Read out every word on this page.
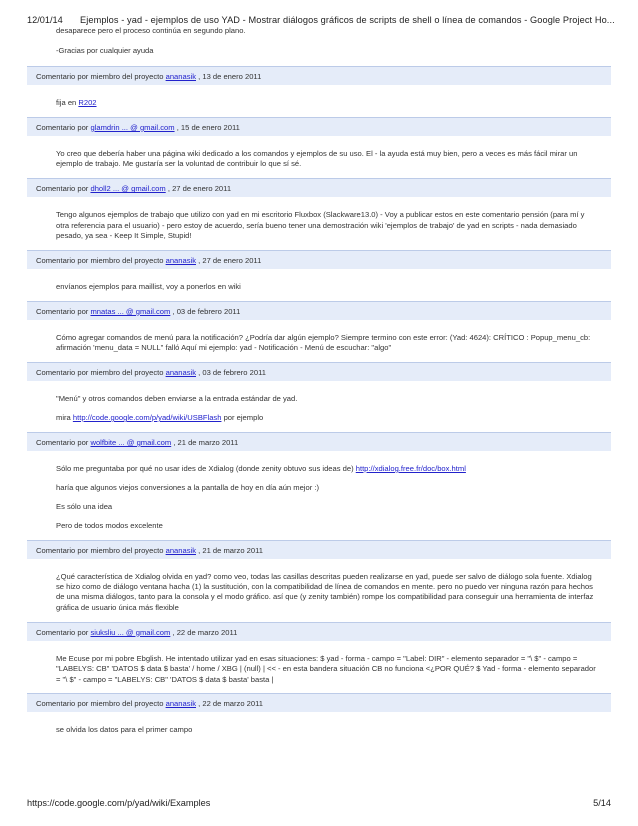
12/01/14 Ejemplos - yad - ejemplos de uso YAD - Mostrar diálogos gráficos de scripts de shell o línea de comandos - Google Project Ho...

desaparece pero el proceso continúa en segundo plano.

-Gracias por cualquier ayuda

Comentario por miembro del proyecto ananasik , 13 de enero 2011

fija en R202

Comentario por glamdrin ... @ gmail.com , 15 de enero 2011

Yo creo que debería haber una página wiki dedicado a los comandos y ejemplos de su uso. El - la ayuda está muy bien, pero a veces es más fácil mirar un ejemplo de trabajo. Me gustaría ser la voluntad de contribuir lo que sí sé.

Comentario por dholl2 ... @ gmail.com , 27 de enero 2011

Tengo algunos ejemplos de trabajo que utilizo con yad en mi escritorio Fluxbox (Slackware13.0) - Voy a publicar estos en este comentario pensión (para mí y otra referencia para el usuario) - pero estoy de acuerdo, sería bueno tener una demostración wiki 'ejemplos de trabajo' de yad en scripts - nada demasiado pesado, ya sea - Keep It Simple, Stupid!

Comentario por miembro del proyecto ananasik , 27 de enero 2011

envíanos ejemplos para maillist, voy a ponerlos en wiki

Comentario por mnatas ... @ gmail.com , 03 de febrero 2011

Cómo agregar comandos de menú para la notificación? ¿Podría dar algún ejemplo? Siempre termino con este error: (Yad: 4624): CRÍTICO : Popup_menu_cb: afirmación 'menu_data = NULL" falló Aquí mi ejemplo: yad - Notificación - Menú de escuchar: "algo"

Comentario por miembro del proyecto ananasik , 03 de febrero 2011

"Menú" y otros comandos deben enviarse a la entrada estándar de yad.

mira http://code.google.com/p/yad/wiki/USBFlash por ejemplo

Comentario por wolfbite ... @ gmail.com , 21 de marzo 2011

Sólo me preguntaba por qué no usar ides de Xdialog (donde zenity obtuvo sus ideas de) http://xdialog.free.fr/doc/box.html

haría que algunos viejos conversiones a la pantalla de hoy en día aún mejor :)

Es sólo una idea

Pero de todos modos excelente

Comentario por miembro del proyecto ananasik , 21 de marzo 2011

¿Qué característica de Xdialog olvida en yad? como veo, todas las casillas descritas pueden realizarse en yad, puede ser salvo de diálogo sola fuente. Xdialog se hizo como de diálogo ventana hacha (1) la sustitución, con la compatibilidad de línea de comandos en mente. pero no puedo ver ninguna razón para hechos de una misma diálogos, tanto para la consola y el modo gráfico. así que (y zenity también) rompe los compatibilidad para conseguir una herramienta de interfaz gráfica de usuario única más flexible

Comentario por siuksliu ... @ gmail.com , 22 de marzo 2011

Me Ecuse por mi pobre Ebglish. He intentado utilizar yad en esas situaciones: $ yad - forma - campo = "Label: DIR" - elemento separador = "\ $" - campo = "LABELYS: CB" 'DATOS $ data $ basta' / home / XBG | (null) | << - en esta bandera situación CB no funciona <¿POR QUÉ? $ Yad - forma - elemento separador = "\ $" - campo = "LABELYS: CB" 'DATOS $ data $ basta' basta |

Comentario por miembro del proyecto ananasik , 22 de marzo 2011

se olvida los datos para el primer campo

https://code.google.com/p/yad/wiki/Examples	5/14
